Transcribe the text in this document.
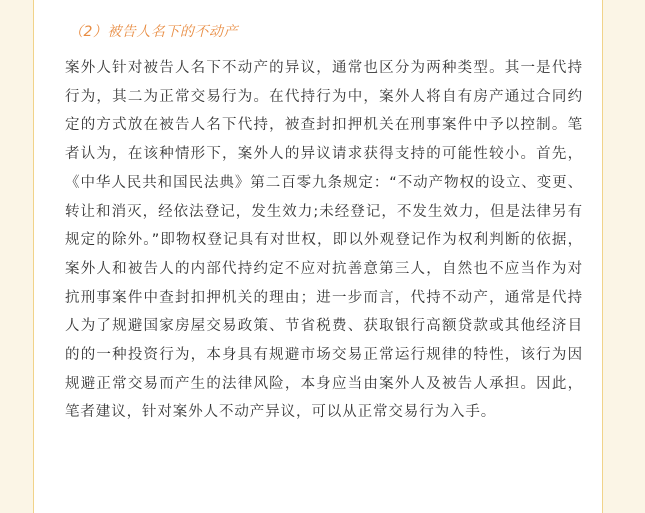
（2）被告人名下的不动产

案外人针对被告人名下不动产的异议，通常也区分为两种类型。其一是代持行为，其二为正常交易行为。在代持行为中，案外人将自有房产通过合同约定的方式放在被告人名下代持，被查封扣押机关在刑事案件中予以控制。笔者认为，在该种情形下，案外人的异议请求获得支持的可能性较小。首先，《中华人民共和国民法典》第二百零九条规定：“不动产物权的设立、变更、转让和消灭，经依法登记，发生效力;未经登记，不发生效力，但是法律另有规定的除外。”即物权登记具有对世权，即以外观登记作为权利判断的依据，案外人和被告人的内部代持约定不应对抗善意第三人，自然也不应当作为对抗刑事案件中查封扣押机关的理由；进一步而言，代持不动产，通常是代持人为了规避国家房屋交易政策、节省税费、获取银行高额贷款或其他经济目的的一种投资行为，本身具有规避市场交易正常运行规律的特性，该行为因规避正常交易而产生的法律风险，本身应当由案外人及被告人承担。因此，笔者建议，针对案外人不动产异议，可以从正常交易行为入手。
